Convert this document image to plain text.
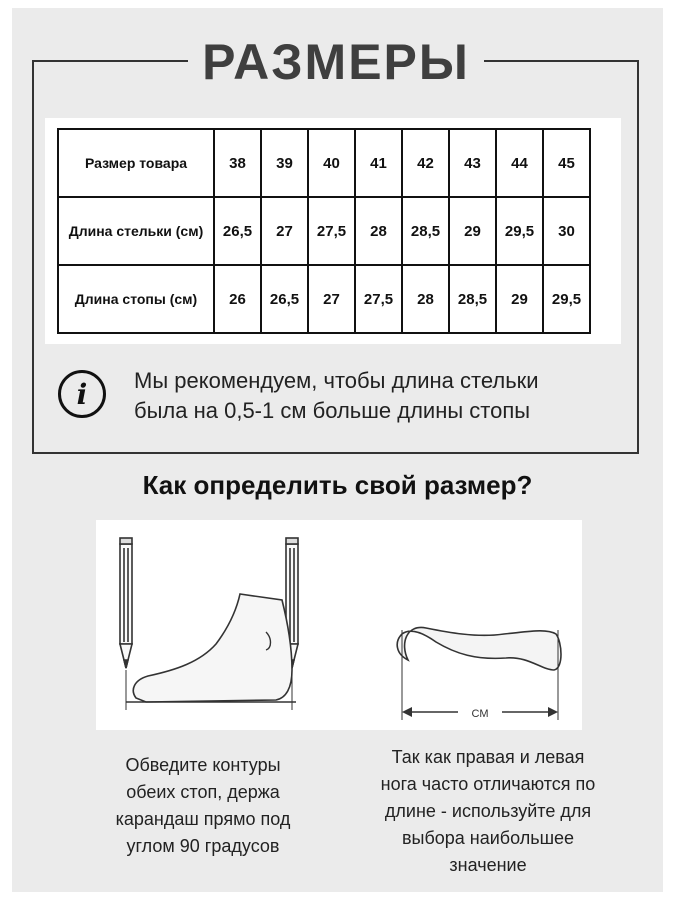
РАЗМЕРЫ
Размер товара	38	39	40	41	42	43	44	45
Длина стельки (см)	26,5	27	27,5	28	28,5	29	29,5	30
Длина стопы (см)	26	26,5	27	27,5	28	28,5	29	29,5
i	Мы рекомендуем, чтобы длина стельки
была на 0,5-1 см больше длины стопы
Как определить свой размер?
СМ
Обведите контуры
обеих стоп, держа
карандаш прямо под
углом 90 градусов
Так как правая и левая
нога часто отличаются по
длине - используйте для
выбора наибольшее
значение
